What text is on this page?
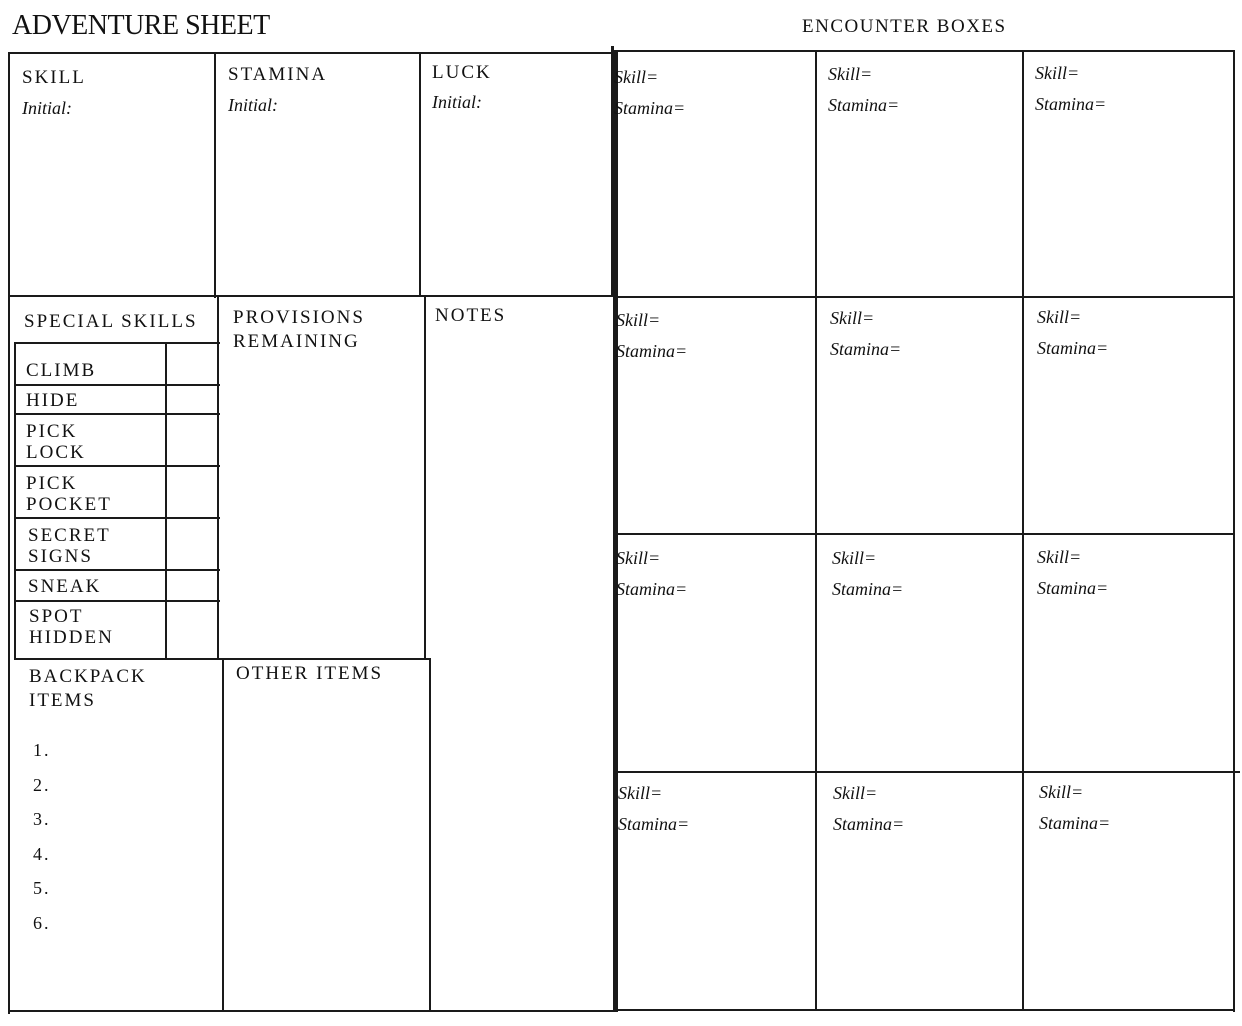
ADVENTURE SHEET	ENCOUNTER BOXES
SKILL
Initial:
STAMINA
Initial:
LUCK
Initial:
SPECIAL SKILLS PROVISIONS
REMAINING
NOTES
CLIMB
HIDE
PICK
LOCK
PICK
POCKET
SECRET
SIGNS
SNEAK
SPOT
HIDDEN
BACKPACK
ITEMS
1.
2.
3.
4.
5.
6.
OTHER ITEMS
Skill=
Stamina=
Skill=
Stamina=
Skill=
Stamina=
Skill=
Stamina=
Skill=
Stamina=
Skill=
Stamina=
Skill=
Stamina=
Skill=
Stamina=
Skill=
Stamina=
Skill=
Stamina=
Skill=
Stamina=
Skill=
Stamina=
